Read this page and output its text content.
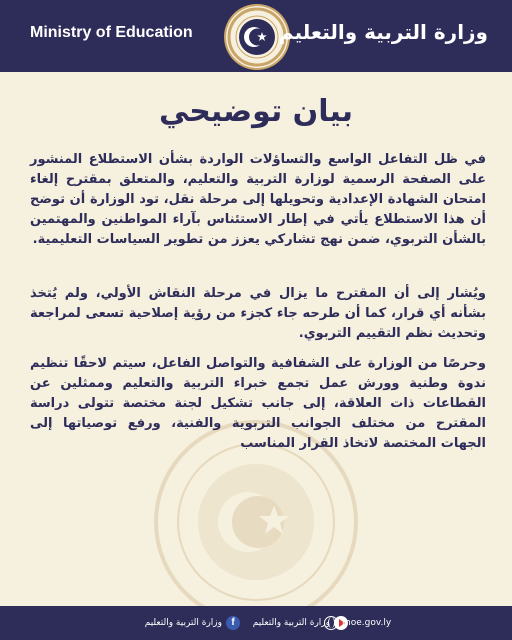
Ministry of Education	وزارة التربية والتعليم
بيان توضيحي

في ظل التفاعل الواسع والتساؤلات الواردة بشأن الاستطلاع المنشور على الصفحة الرسمية لوزارة التربية والتعليم، والمتعلق بمقترح إلغاء امتحان الشهادة الإعدادية وتحويلها إلى مرحلة نقل، تود الوزارة أن توضح أن هذا الاستطلاع يأتي في إطار الاستئناس بآراء المواطنين والمهتمين بالشأن التربوي، ضمن نهج تشاركي يعزز من تطوير السياسات التعليمية.

ويُشار إلى أن المقترح ما يزال في مرحلة النقاش الأولي، ولم يُتخذ بشأنه أي قرار، كما أن طرحه جاء كجزء من رؤية إصلاحية تسعى لمراجعة وتحديث نظم التقييم التربوي.

وحرصًا من الوزارة على الشفافية والتواصل الفاعل، سيتم لاحقًا تنظيم ندوة وطنية وورش عمل تجمع خبراء التربية والتعليم وممثلين عن القطاعات ذات العلاقة، إلى جانب تشكيل لجنة مختصة تتولى دراسة المقترح من مختلف الجوانب التربوية والفنية، ورفع توصياتها إلى الجهات المختصة لاتخاذ القرار المناسب

f
وزارة التربية والتعليم	وزارة التربية والتعليم moe.gov.ly
